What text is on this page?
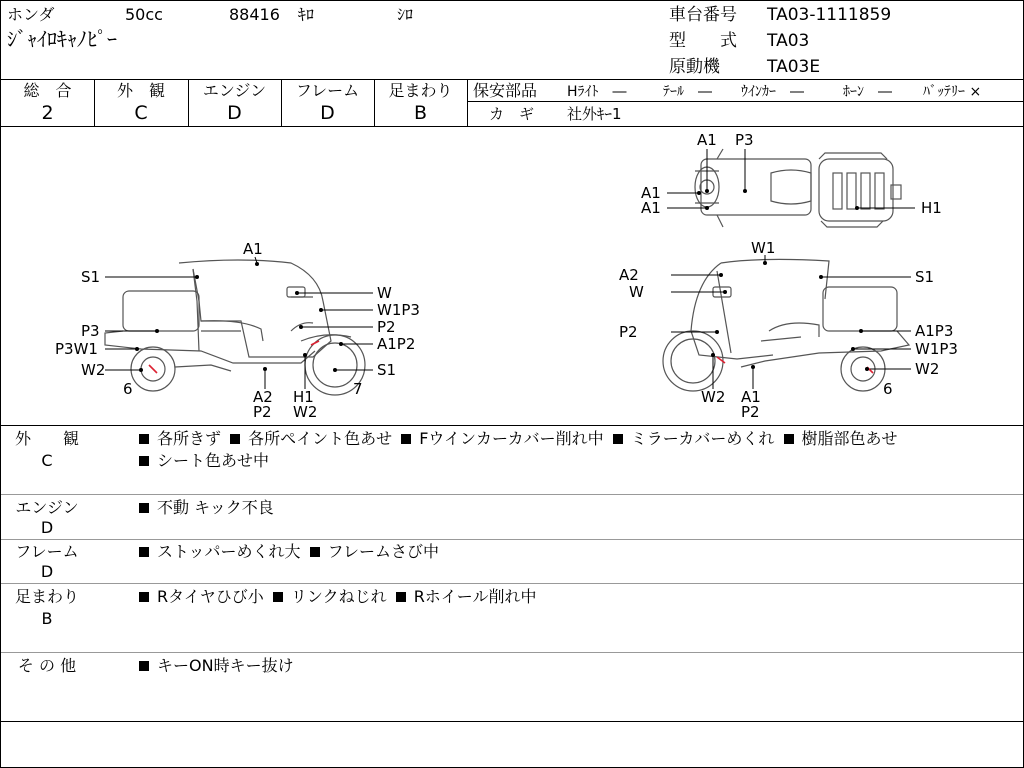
ホンダ	50cc	88416 ｷﾛ	ｼﾛ
ｼﾞｬｲﾛｷｬﾉﾋﾟｰ
車台番号 TA03-1111859
型　　式 TA03
原動機	TA03E
総　合	外　観	エンジン	フレーム	足まわり
2	C	D	D	B
保安部品 Hﾗｲﾄ　―	ﾃｰﾙ　― ｳｲﾝｶｰ　―	ﾎｰﾝ　― ﾊﾞｯﾃﾘｰ ×
カ　ギ 社外ｷｰ1
A1 P3
A1
A1	H1
A1
S1
W
W1P3
P3	P2
P3W1	A1P2
W2	S1
6	A2
P2
H1
W2
7
W1
A2	S1
W
P2	A1P3
W1P3
W2
6
W2 A1
P2
外　　観
C
各所きず 各所ペイント色あせ Fウインカーカバー削れ中 ミラーカバーめくれ 樹脂部色あせ
シート色あせ中
エンジン
D
不動 キック不良
フレーム
D
ストッパーめくれ大 フレームさび中
足まわり
B
Rタイヤひび小 リンクねじれ Rホイール削れ中
そ の 他	キーON時キー抜け
